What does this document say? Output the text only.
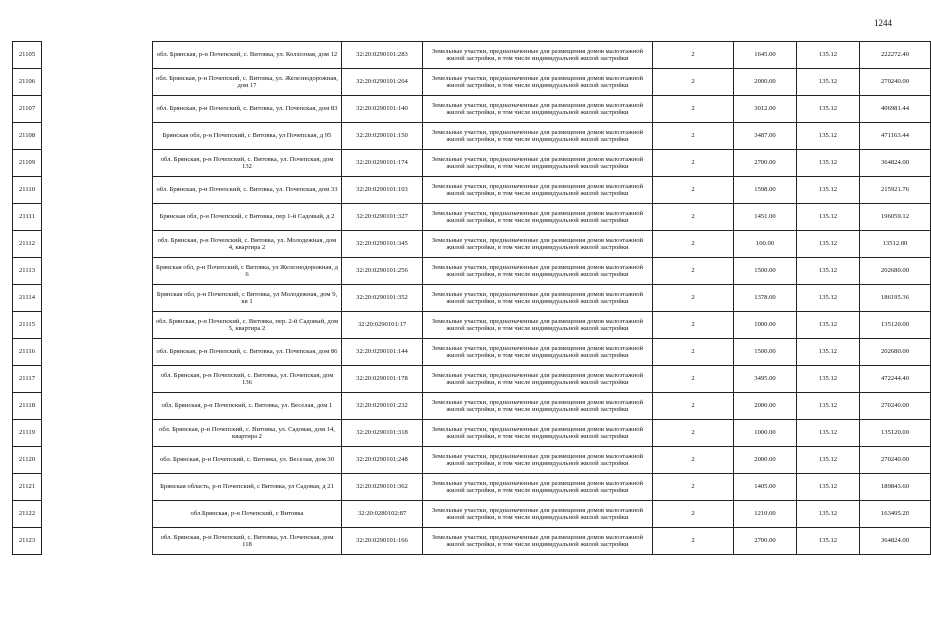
1244
21105		обл. Брянская, р-н Почепский, с. Витовка, ул. Колхозная, дом 12	32:20:0290101:283	Земельные участки, предназначенные для размещения домов малоэтажной жилой застройки, в том числе индивидуальной жилой застройки	2	1645.00	135.12	222272.40
21106		обл. Брянская, р-н Почепский, с. Витовка, ул. Железнодорожная, дом 17	32:20:0290101:264	Земельные участки, предназначенные для размещения домов малоэтажной жилой застройки, в том числе индивидуальной жилой застройки	2	2000.00	135.12	270240.00
21107		обл. Брянская, р-н Почепский, с. Витовка, ул. Почепская, дом 83	32:20:0290101:140	Земельные участки, предназначенные для размещения домов малоэтажной жилой застройки, в том числе индивидуальной жилой застройки	2	3012.00	135.12	406981.44
21108		Брянская обл, р-н Почепский, с Витовка, ул Почепская, д 95	32:20:0290101:150	Земельные участки, предназначенные для размещения домов малоэтажной жилой застройки, в том числе индивидуальной жилой застройки	2	3487.00	135.12	471163.44
21109		обл. Брянская, р-н Почепский, с. Витовка, ул. Почепская, дом 132	32:20:0290101:174	Земельные участки, предназначенные для размещения домов малоэтажной жилой застройки, в том числе индивидуальной жилой застройки	2	2700.00	135.12	364824.00
21110		обл. Брянская, р-н Почепский, с. Витовка, ул. Почепская, дом 33	32:20:0290101:103	Земельные участки, предназначенные для размещения домов малоэтажной жилой застройки, в том числе индивидуальной жилой застройки	2	1598.00	135.12	215921.76
21111		Брянская обл, р-н Почепский, с Витовка, пер 1-й Садовый, д 2	32:20:0290101:327	Земельные участки, предназначенные для размещения домов малоэтажной жилой застройки, в том числе индивидуальной жилой застройки	2	1451.00	135.12	196059.12
21112		обл. Брянская, р-н Почепский, с. Витовка, ул. Молодежная, дом 4, квартира 2	32:20:0290101:345	Земельные участки, предназначенные для размещения домов малоэтажной жилой застройки, в том числе индивидуальной жилой застройки	2	100.00	135.12	13512.00
21113		Брянская обл, р-н Почепский, с Витовка, ул Железнодорожная, д 6	32:20:0290101:256	Земельные участки, предназначенные для размещения домов малоэтажной жилой застройки, в том числе индивидуальной жилой застройки	2	1500.00	135.12	202680.00
21114		Брянская обл, р-н Почепский, с Витовка, ул Молодежная, дом 9, кв 1	32:20:0290101:352	Земельные участки, предназначенные для размещения домов малоэтажной жилой застройки, в том числе индивидуальной жилой застройки	2	1378.00	135.12	186195.36
21115		обл. Брянская, р-н Почепский, с. Витовка, пер. 2-й Садовый, дом 5, квартира 2	32:20:0290101:17	Земельные участки, предназначенные для размещения домов малоэтажной жилой застройки, в том числе индивидуальной жилой застройки	2	1000.00	135.12	135120.00
21116		обл. Брянская, р-н Почепский, с. Витовка, ул. Почепская, дом 86	32:20:0290101:144	Земельные участки, предназначенные для размещения домов малоэтажной жилой застройки, в том числе индивидуальной жилой застройки	2	1500.00	135.12	202680.00
21117		обл. Брянская, р-н Почепский, с. Витовка, ул. Почепская, дом 136	32:20:0290101:178	Земельные участки, предназначенные для размещения домов малоэтажной жилой застройки, в том числе индивидуальной жилой застройки	2	3495.00	135.12	472244.40
21118		обл. Брянская, р-н Почепский, с. Витовка, ул. Веселая, дом 1	32:20:0290101:232	Земельные участки, предназначенные для размещения домов малоэтажной жилой застройки, в том числе индивидуальной жилой застройки	2	2000.00	135.12	270240.00
21119		обл. Брянская, р-н Почепский, с. Витовка, ул. Садовая, дом 14, квартира 2	32:20:0290101:318	Земельные участки, предназначенные для размещения домов малоэтажной жилой застройки, в том числе индивидуальной жилой застройки	2	1000.00	135.12	135120.00
21120		обл. Брянская, р-н Почепский, с. Витовка, ул. Веселая, дом 30	32:20:0290101:248	Земельные участки, предназначенные для размещения домов малоэтажной жилой застройки, в том числе индивидуальной жилой застройки	2	2000.00	135.12	270240.00
21121		Брянская область, р-н Почепский, с Витовка, ул Садовая, д 21	32:20:0290101:362	Земельные участки, предназначенные для размещения домов малоэтажной жилой застройки, в том числе индивидуальной жилой застройки	2	1405.00	135.12	189843.60
21122		обл.Брянская, р-н Почепский, с Витовка	32:20:0280102:87	Земельные участки, предназначенные для размещения домов малоэтажной жилой застройки, в том числе индивидуальной жилой застройки	2	1210.00	135.12	163495.20
21123		обл. Брянская, р-н Почепский, с. Витовка, ул. Почепская, дом 118	32:20:0290101:166	Земельные участки, предназначенные для размещения домов малоэтажной жилой застройки, в том числе индивидуальной жилой застройки	2	2700.00	135.12	364824.00
